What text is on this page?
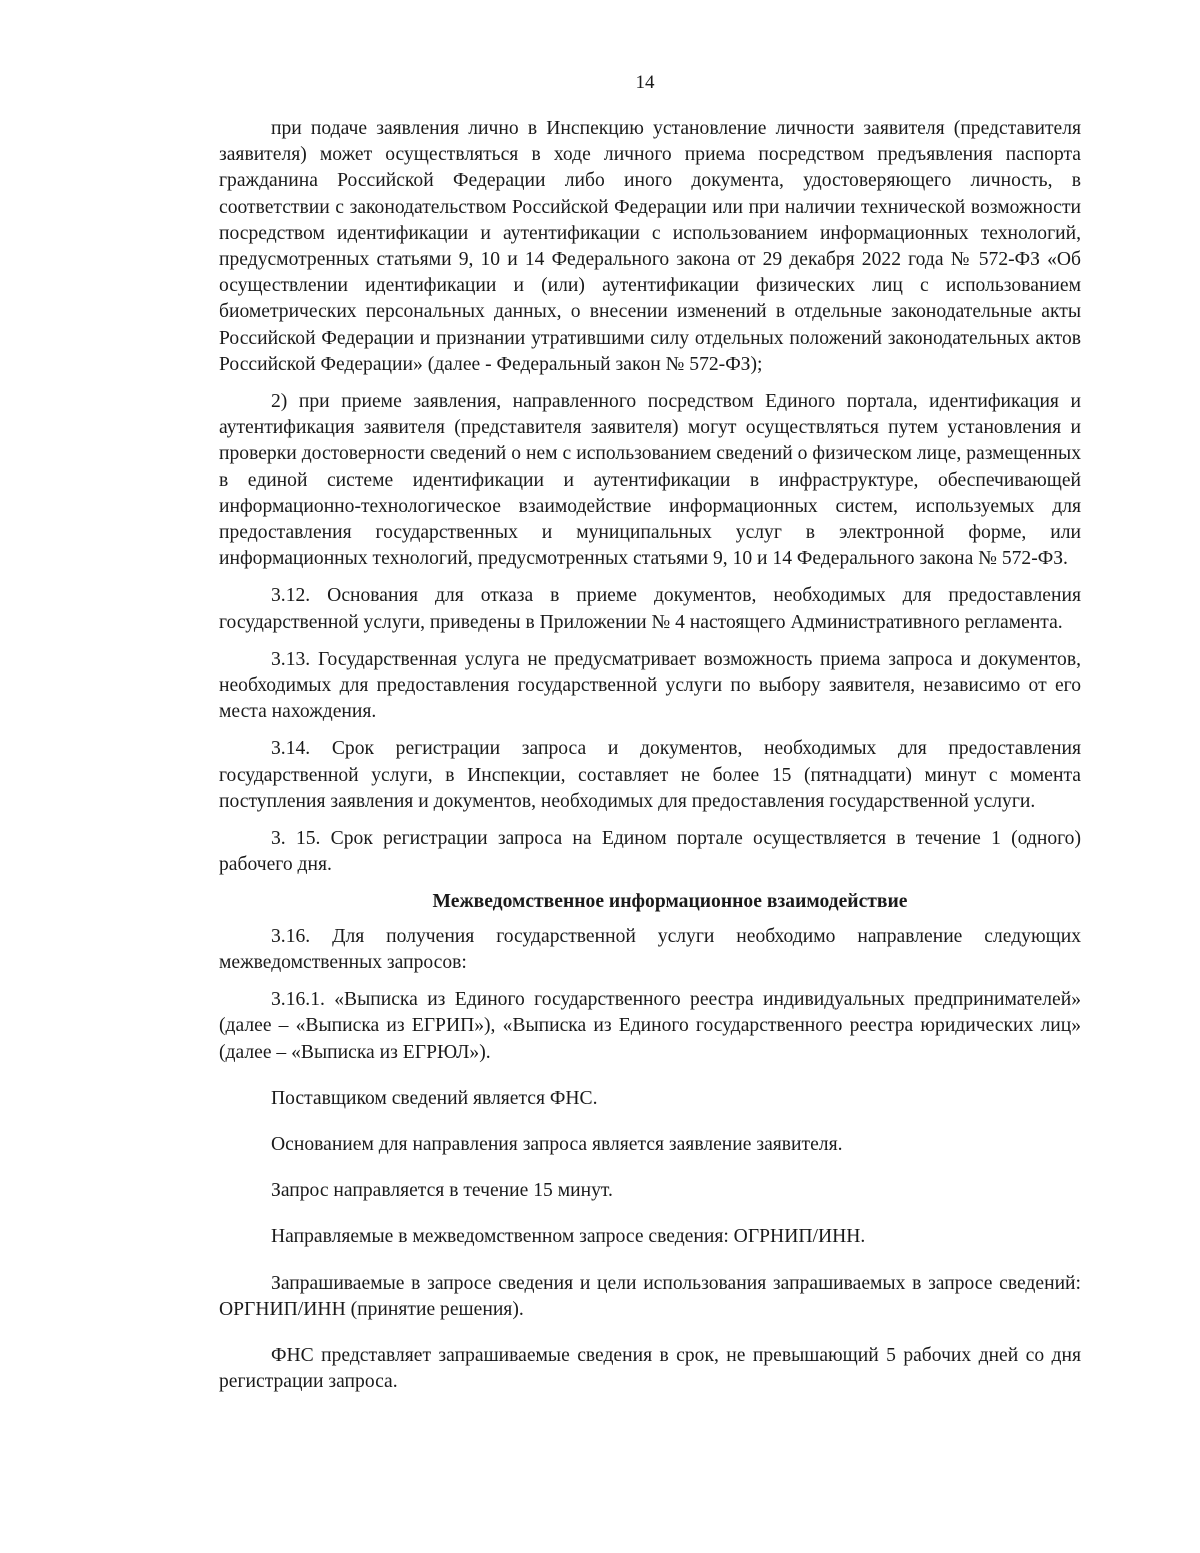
14

при подаче заявления лично в Инспекцию установление личности заявителя (представителя заявителя) может осуществляться в ходе личного приема посредством предъявления паспорта гражданина Российской Федерации либо иного документа, удостоверяющего личность, в соответствии с законодательством Российской Федерации или при наличии технической возможности посредством идентификации и аутентификации с использованием информационных технологий, предусмотренных статьями 9, 10 и 14 Федерального закона от 29 декабря 2022 года № 572-ФЗ «Об осуществлении идентификации и (или) аутентификации физических лиц с использованием биометрических персональных данных, о внесении изменений в отдельные законодательные акты Российской Федерации и признании утратившими силу отдельных положений законодательных актов Российской Федерации» (далее - Федеральный закон № 572-ФЗ);

2) при приеме заявления, направленного посредством Единого портала, идентификация и аутентификация заявителя (представителя заявителя) могут осуществляться путем установления и проверки достоверности сведений о нем с использованием сведений о физическом лице, размещенных в единой системе идентификации и аутентификации в инфраструктуре, обеспечивающей информационно-технологическое взаимодействие информационных систем, используемых для предоставления государственных и муниципальных услуг в электронной форме, или информационных технологий, предусмотренных статьями 9, 10 и 14 Федерального закона № 572-ФЗ.

3.12. Основания для отказа в приеме документов, необходимых для предоставления государственной услуги, приведены в Приложении № 4 настоящего Административного регламента.

3.13. Государственная услуга не предусматривает возможность приема запроса и документов, необходимых для предоставления государственной услуги по выбору заявителя, независимо от его места нахождения.

3.14. Срок регистрации запроса и документов, необходимых для предоставления государственной услуги, в Инспекции, составляет не более 15 (пятнадцати) минут с момента поступления заявления и документов, необходимых для предоставления государственной услуги.

3. 15. Срок регистрации запроса на Едином портале осуществляется в течение 1 (одного) рабочего дня.

Межведомственное информационное взаимодействие

3.16. Для получения государственной услуги необходимо направление следующих межведомственных запросов:

3.16.1. «Выписка из Единого государственного реестра индивидуальных предпринимателей» (далее – «Выписка из ЕГРИП»), «Выписка из Единого государственного реестра юридических лиц» (далее – «Выписка из ЕГРЮЛ»).

Поставщиком сведений является ФНС.

Основанием для направления запроса является заявление заявителя.

Запрос направляется в течение 15 минут.

Направляемые в межведомственном запросе сведения: ОГРНИП/ИНН.

Запрашиваемые в запросе сведения и цели использования запрашиваемых в запросе сведений: ОРГНИП/ИНН (принятие решения).

ФНС представляет запрашиваемые сведения в срок, не превышающий 5 рабочих дней со дня регистрации запроса.
